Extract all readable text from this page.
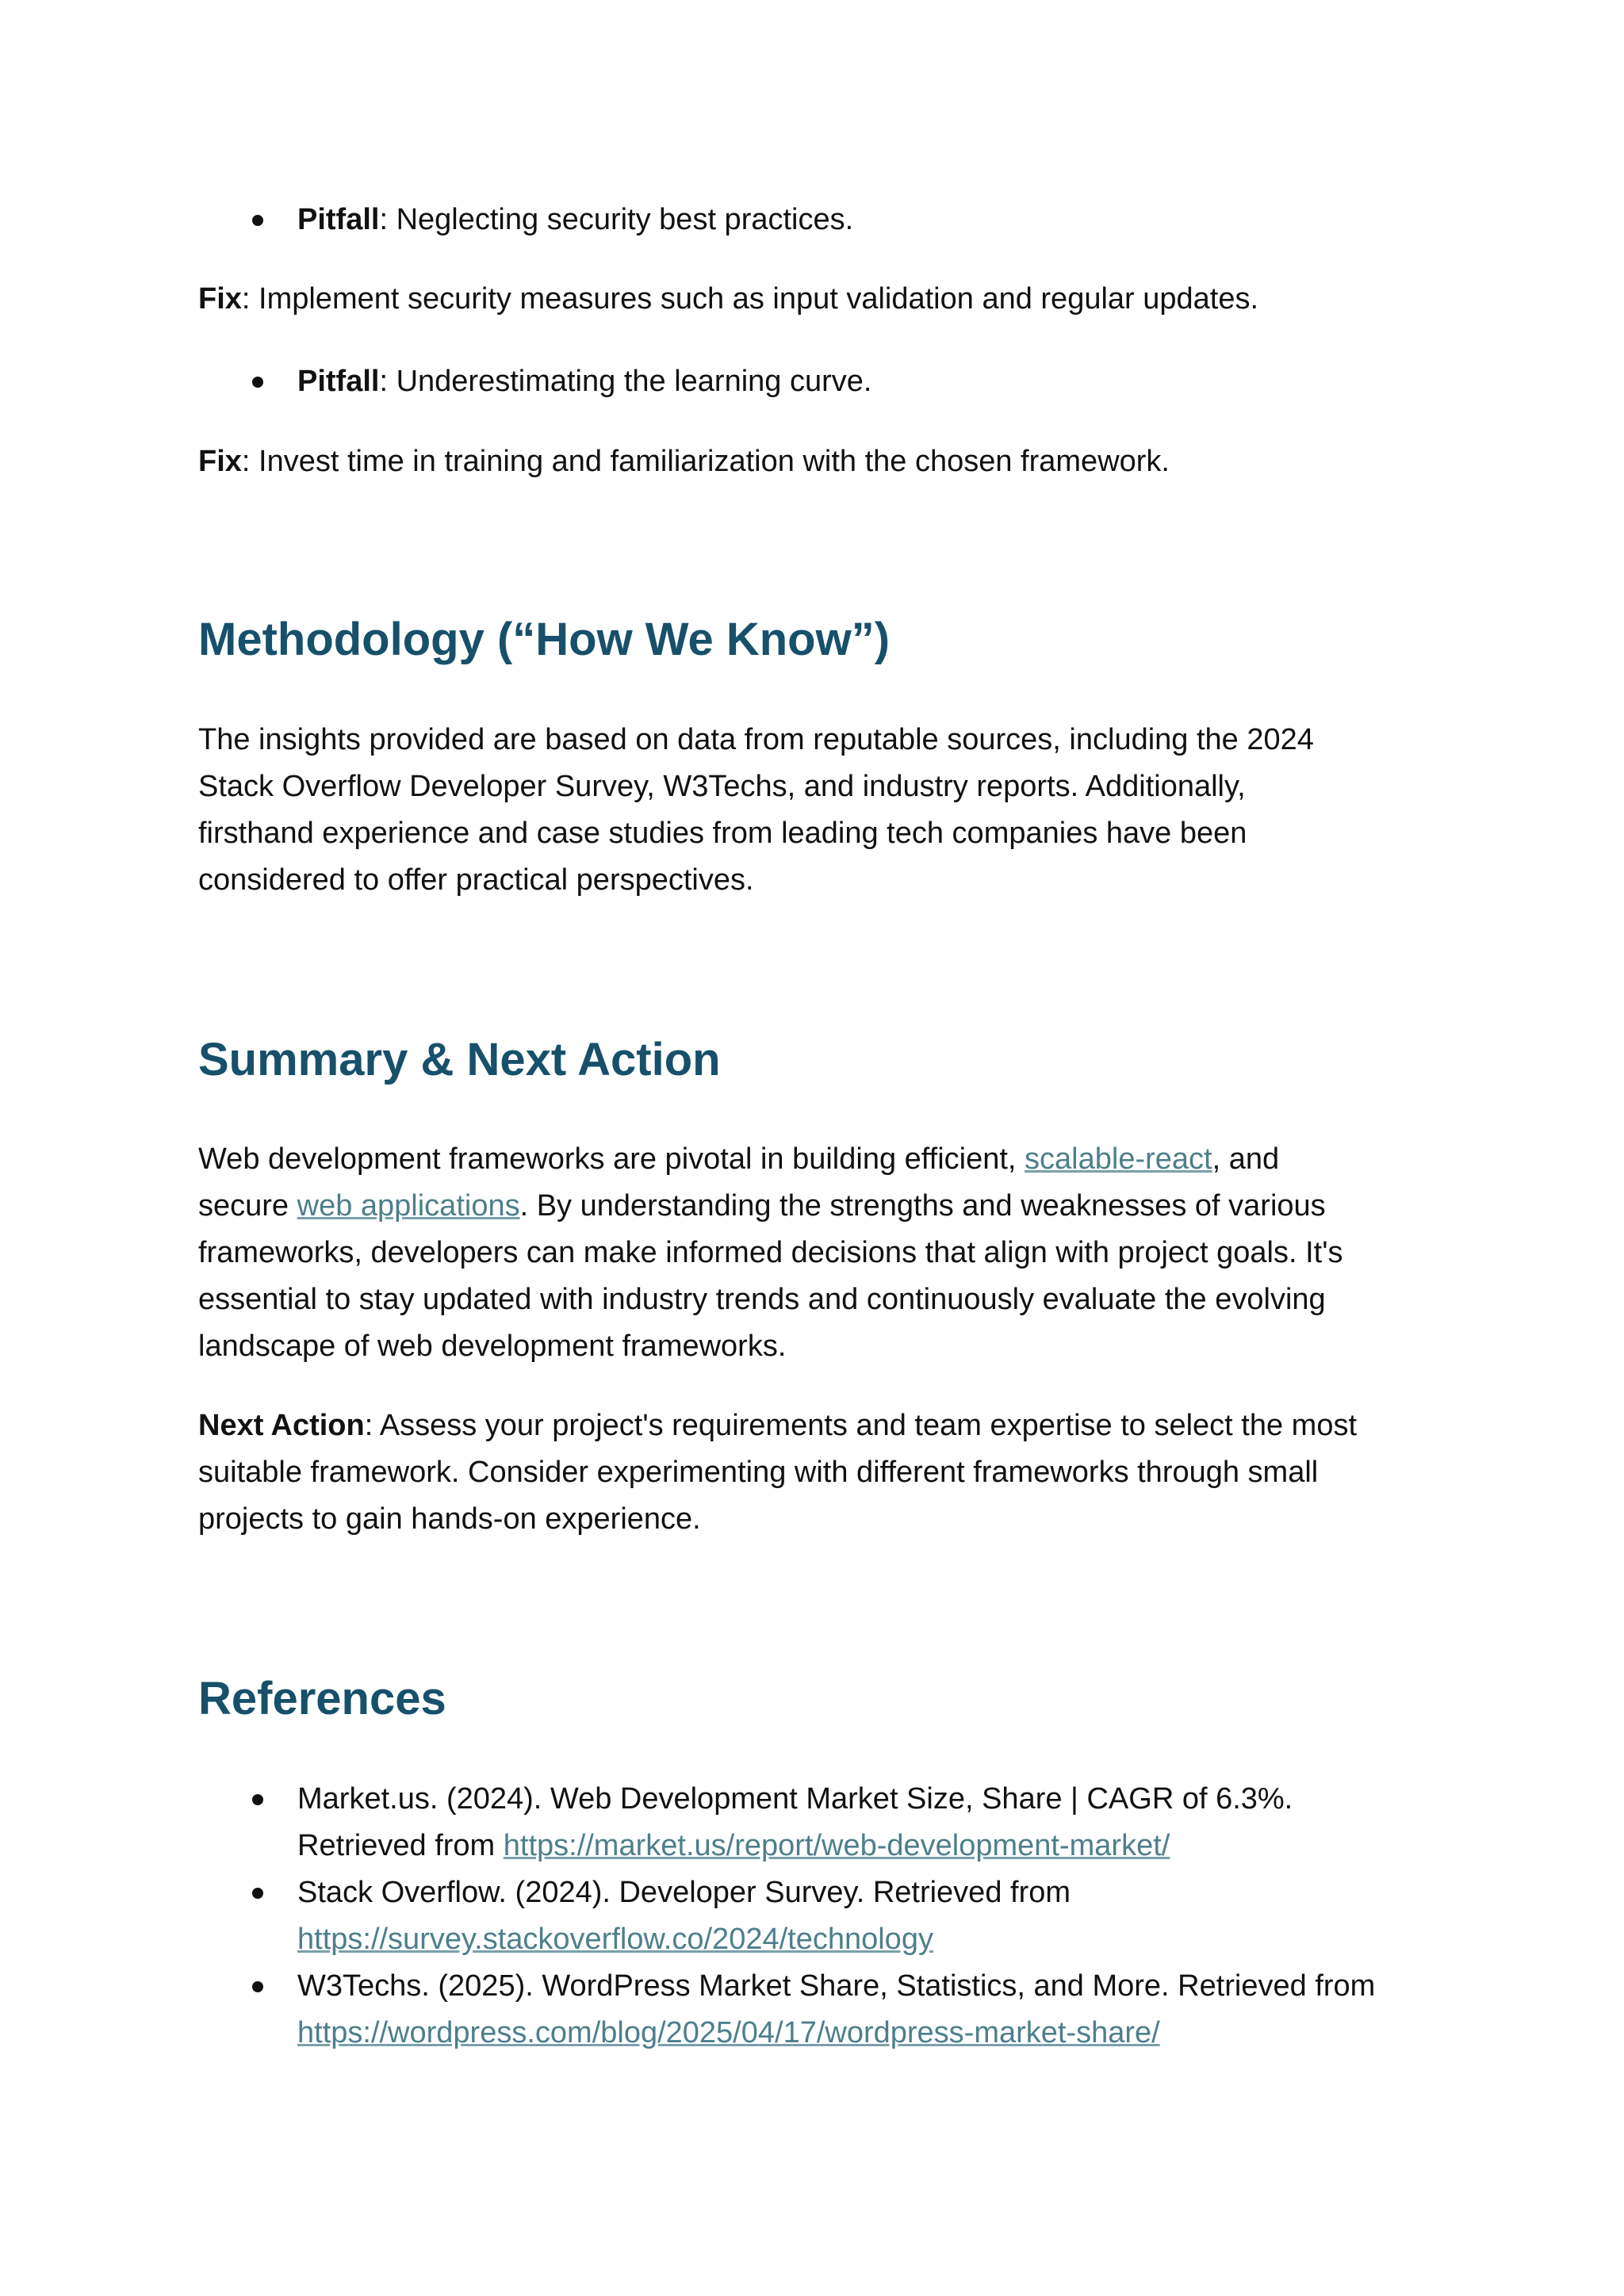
Pitfall: Neglecting security best practices.

Fix: Implement security measures such as input validation and regular updates.

Pitfall: Underestimating the learning curve.

Fix: Invest time in training and familiarization with the chosen framework.

Methodology (“How We Know”)
The insights provided are based on data from reputable sources, including the 2024
Stack Overflow Developer Survey, W3Techs, and industry reports. Additionally,
firsthand experience and case studies from leading tech companies have been
considered to offer practical perspectives.
Summary & Next Action
Web development frameworks are pivotal in building efficient, scalable-react, and
secure web applications. By understanding the strengths and weaknesses of various
frameworks, developers can make informed decisions that align with project goals. It's
essential to stay updated with industry trends and continuously evaluate the evolving
landscape of web development frameworks.
Next Action: Assess your project's requirements and team expertise to select the most
suitable framework. Consider experimenting with different frameworks through small
projects to gain hands-on experience.
References
Market.us. (2024). Web Development Market Size, Share | CAGR of 6.3%.
Retrieved from https://market.us/report/web-development-market/
Stack Overflow. (2024). Developer Survey. Retrieved from
https://survey.stackoverflow.co/2024/technology
W3Techs. (2025). WordPress Market Share, Statistics, and More. Retrieved from
https://wordpress.com/blog/2025/04/17/wordpress-market-share/
